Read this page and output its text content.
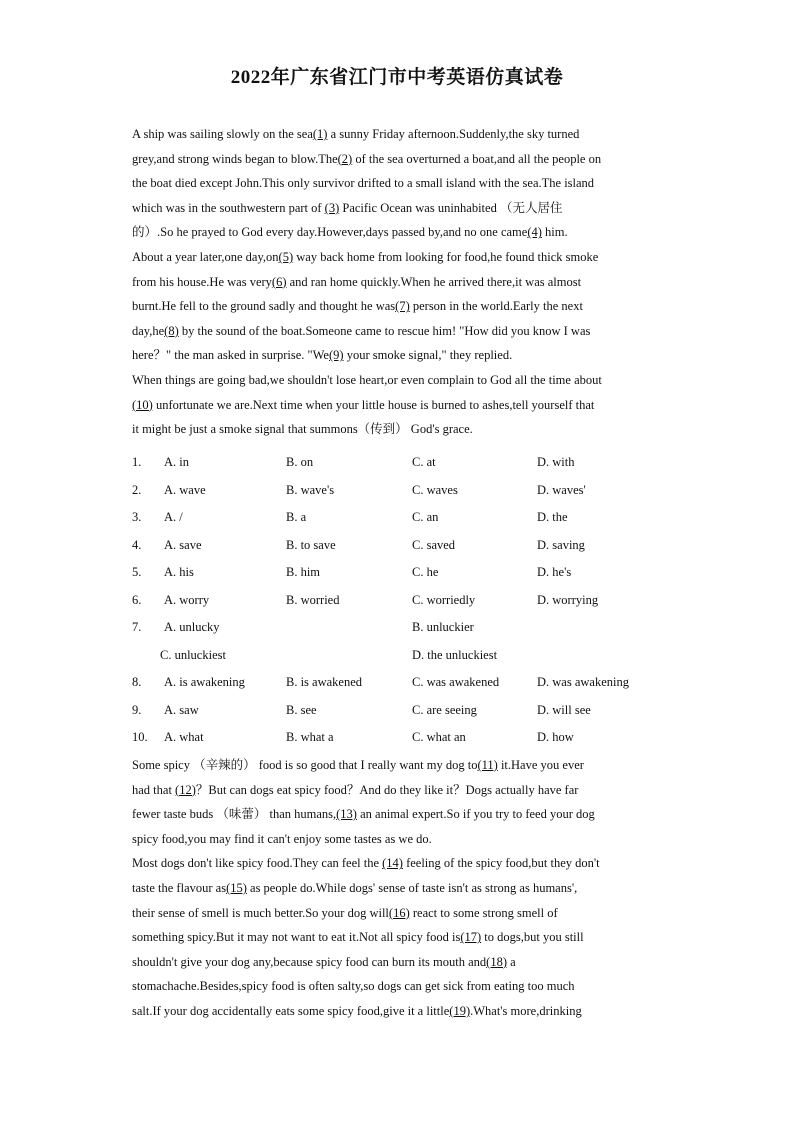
2022年广东省江门市中考英语仿真试卷
A ship was sailing slowly on the sea(1) a sunny Friday afternoon.Suddenly,the sky turned
grey,and strong winds began to blow.The(2) of the sea overturned a boat,and all the people on
the boat died except John.This only survivor drifted to a small island with the sea.The island
which was in the southwestern part of (3) Pacific Ocean was uninhabited （无人居住
的）.So he prayed to God every day.However,days passed by,and no one came(4) him.
About a year later,one day,on(5) way back home from looking for food,he found thick smoke
from his house.He was very(6) and ran home quickly.When he arrived there,it was almost
burnt.He fell to the ground sadly and thought he was(7) person in the world.Early the next
day,he(8) by the sound of the boat.Someone came to rescue him! "How did you know I was
here？" the man asked in surprise. "We(9) your smoke signal," they replied.
When things are going bad,we shouldn't lose heart,or even complain to God all the time about
(10) unfortunate we are.Next time when your little house is burned to ashes,tell yourself that
it might be just a smoke signal that summons（传到） God's grace.
1. A. in	B. on	C. at	D. with
2. A. wave	B. wave's	C. waves	D. waves'
3. A. /	B. a	C. an	D. the
4. A. save	B. to save	C. saved	D. saving
5. A. his	B. him	C. he	D. he's
6. A. worry	B. worried	C. worriedly	D. worrying
7. A. unlucky	B. unluckier
C. unluckiest	D. the unluckiest
8. A. is awakening	B. is awakened	C. was awakened	D. was awakening
9. A. saw	B. see	C. are seeing	D. will see
10. A. what	B. what a	C. what an	D. how
Some spicy （辛辣的） food is so good that I really want my dog to(11) it.Have you ever
had that (12)？But can dogs eat spicy food？And do they like it？Dogs actually have far
fewer taste buds （味蕾） than humans,(13) an animal expert.So if you try to feed your dog
spicy food,you may find it can't enjoy some tastes as we do.
Most dogs don't like spicy food.They can feel the (14) feeling of the spicy food,but they don't
taste the flavour as(15) as people do.While dogs' sense of taste isn't as strong as humans',
their sense of smell is much better.So your dog will(16) react to some strong smell of
something spicy.But it may not want to eat it.Not all spicy food is(17) to dogs,but you still
shouldn't give your dog any,because spicy food can burn its mouth and(18) a
stomachache.Besides,spicy food is often salty,so dogs can get sick from eating too much
salt.If your dog accidentally eats some spicy food,give it a little(19).What's more,drinking
